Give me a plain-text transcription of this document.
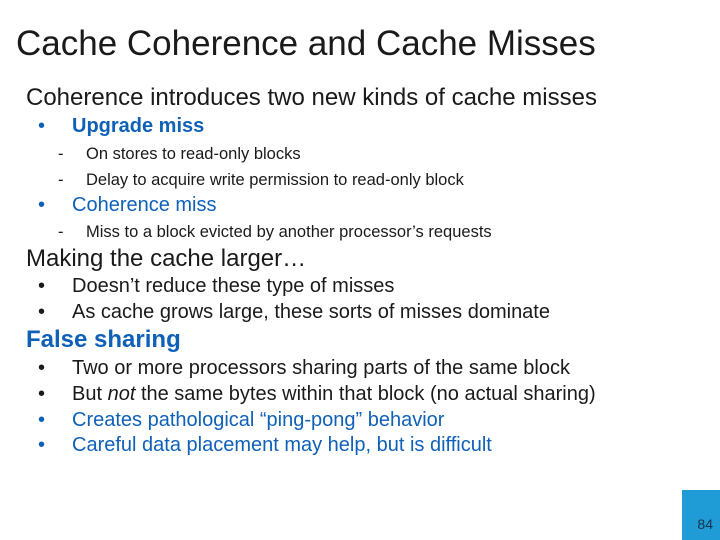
Cache Coherence and Cache Misses
Coherence introduces two new kinds of cache misses
• Upgrade miss
- On stores to read-only blocks
- Delay to acquire write permission to read-only block
• Coherence miss
- Miss to a block evicted by another processor’s requests
Making the cache larger…
• Doesn’t reduce these type of misses
• As cache grows large, these sorts of misses dominate
False sharing
• Two or more processors sharing parts of the same block
• But not the same bytes within that block (no actual sharing)
• Creates pathological “ping-pong” behavior
• Careful data placement may help, but is difficult
84
